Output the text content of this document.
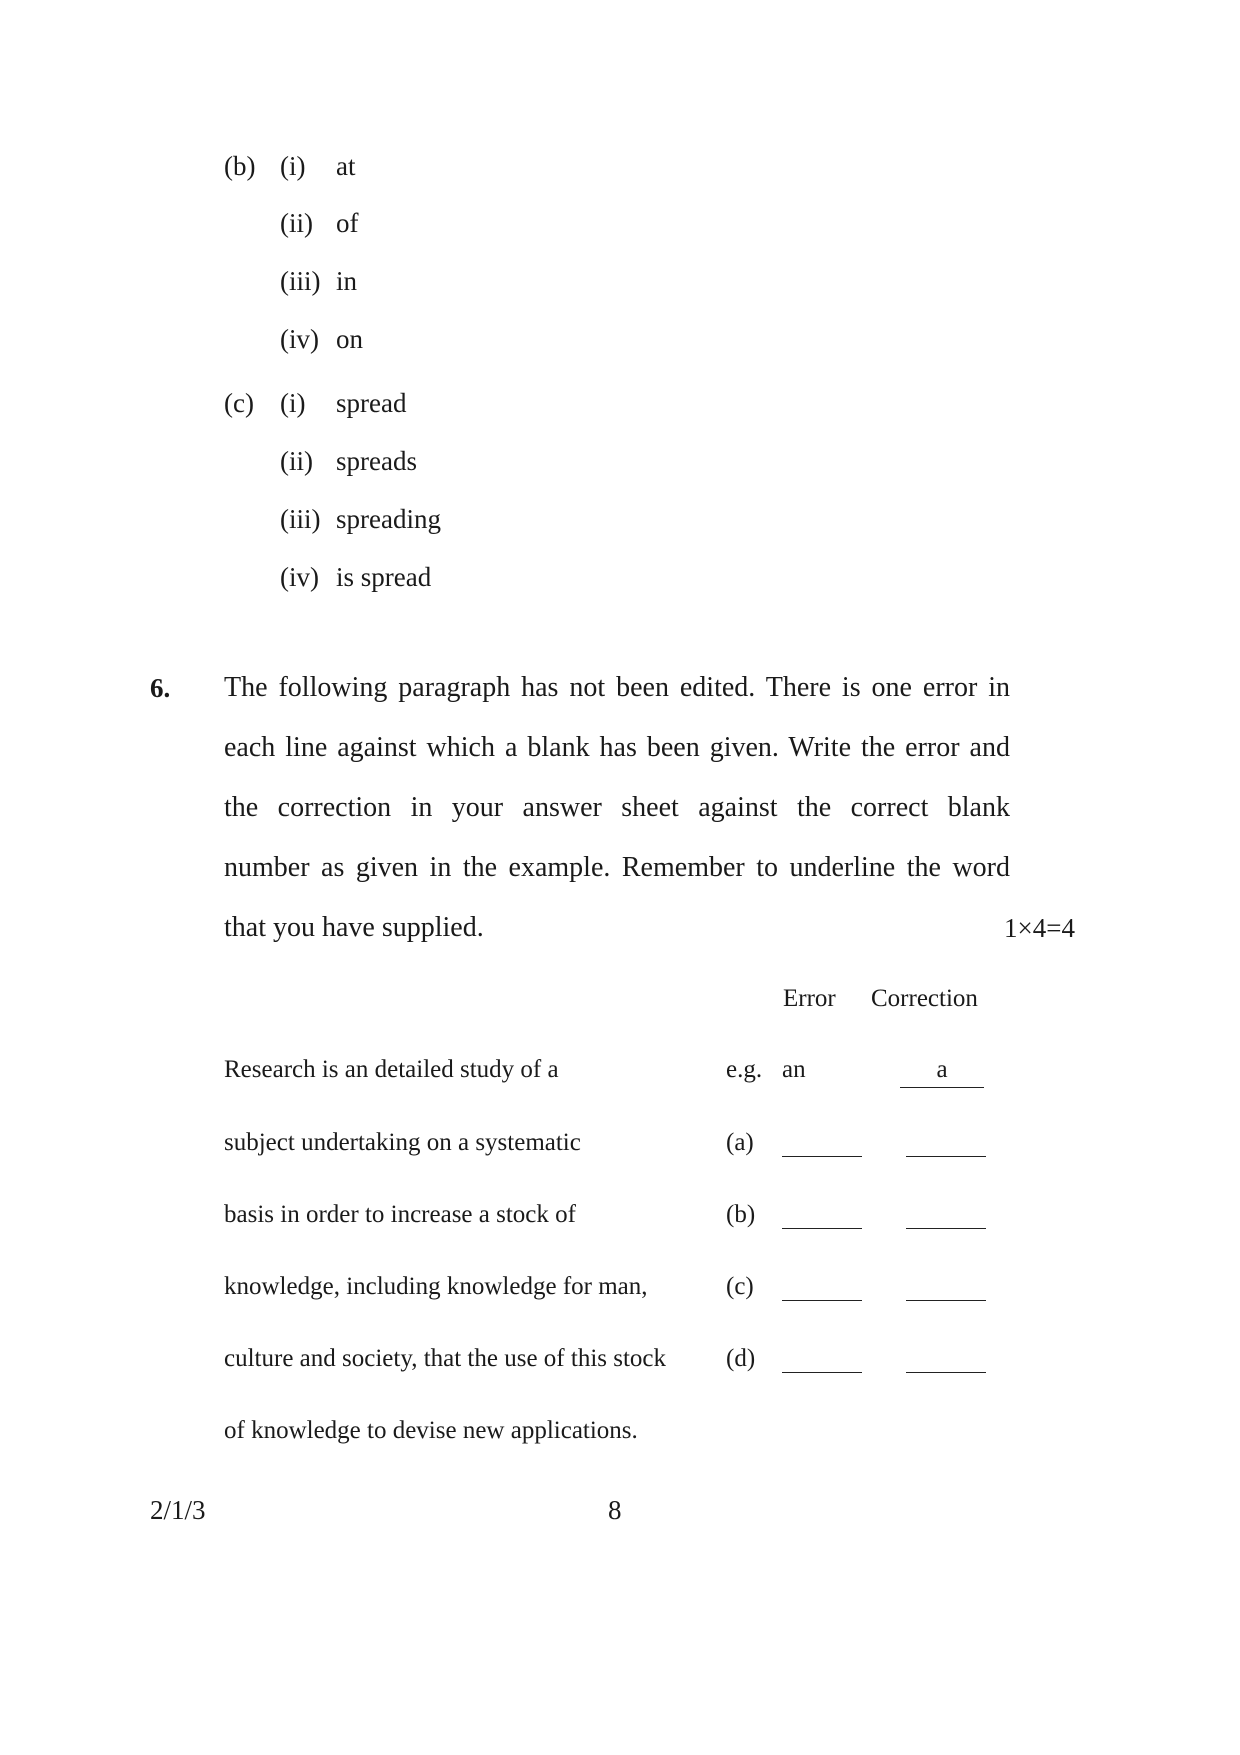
(b) (i) at
(ii) of
(iii) in
(iv) on
(c) (i) spread
(ii) spreads
(iii) spreading
(iv) is spread
6. The following paragraph has not been edited. There is one error in
each line against which a blank has been given. Write the error and
the correction in your answer sheet against the correct blank
number as given in the example. Remember to underline the word
that you have supplied.	1×4=4
Error Correction
Research is an detailed study of a	e.g. an	a
subject undertaking on a systematic	(a)
basis in order to increase a stock of	(b)
knowledge, including knowledge for man,	(c)
culture and society, that the use of this stock (d)
of knowledge to devise new applications.
2/1/3	8
